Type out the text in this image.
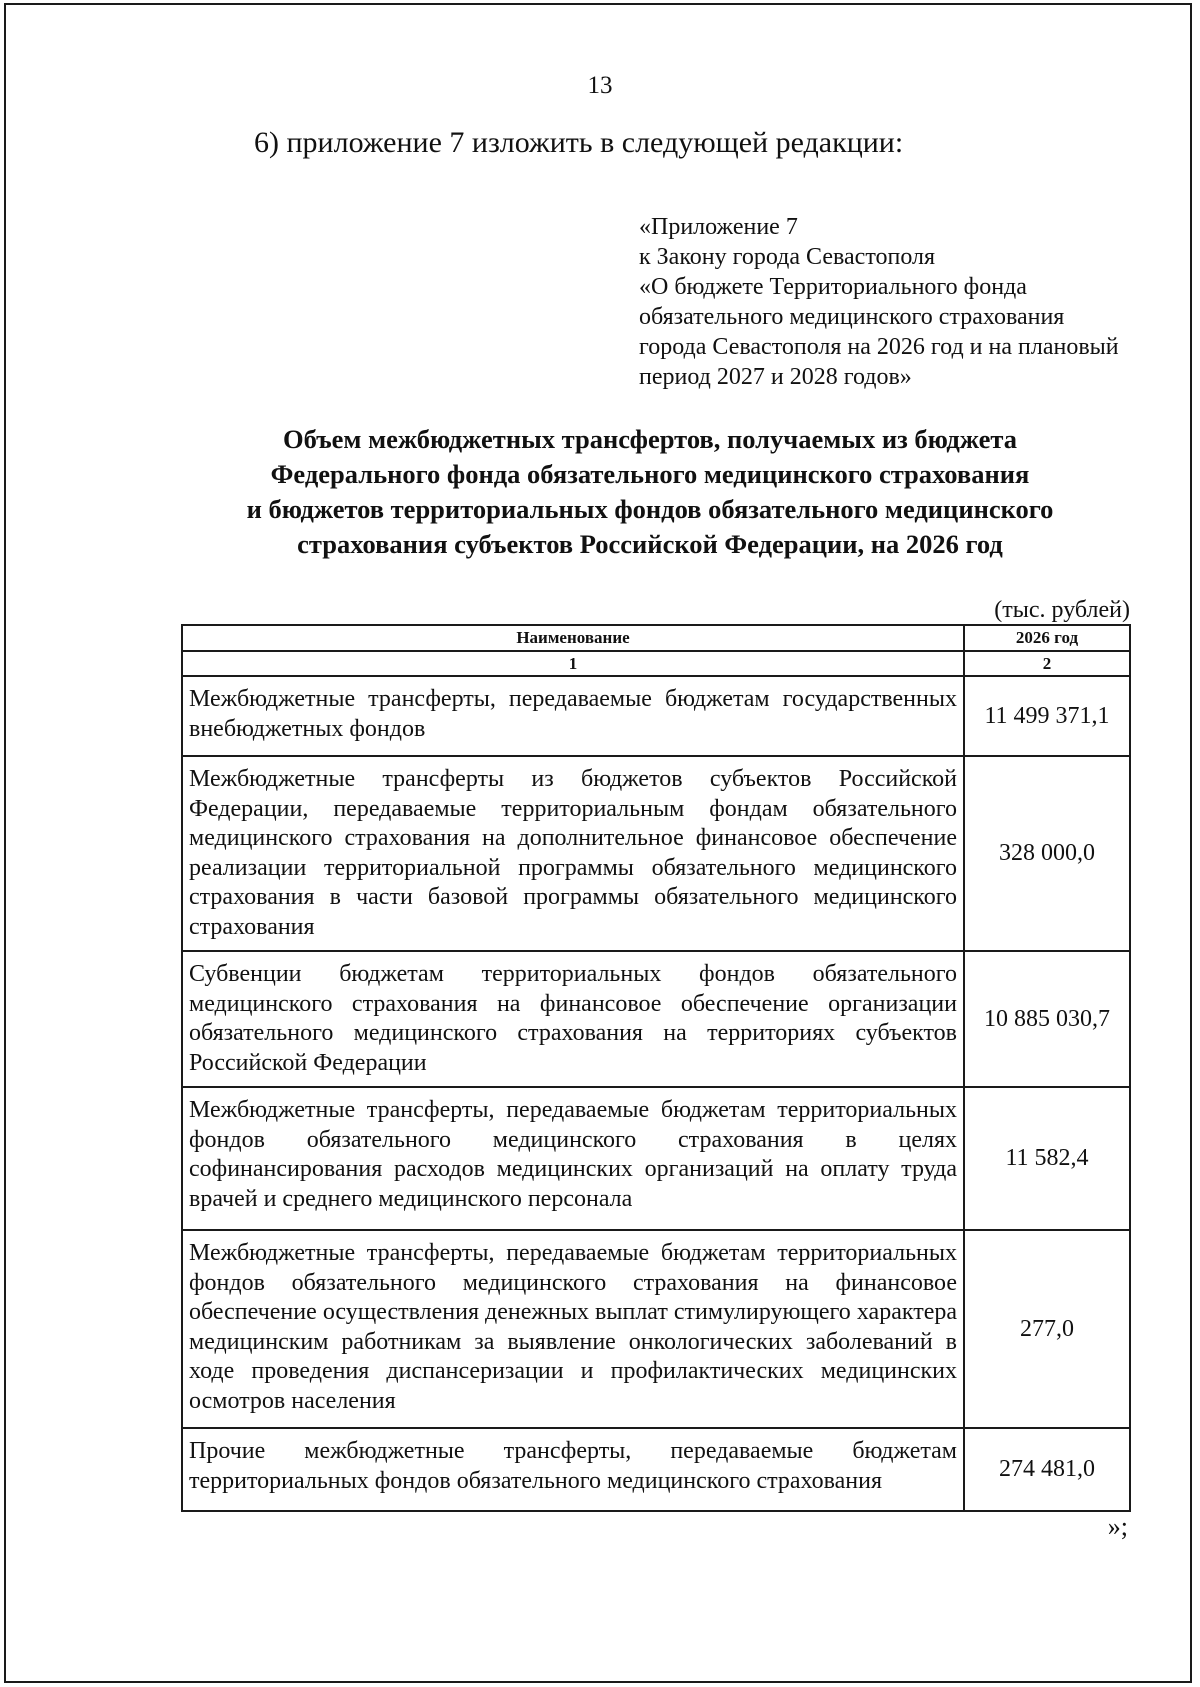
13
6) приложение 7 изложить в следующей редакции:
«Приложение 7
к Закону города Севастополя
«О бюджете Территориального фонда
обязательного медицинского страхования
города Севастополя на 2026 год и на плановый
период 2027 и 2028 годов»
Объем межбюджетных трансфертов, получаемых из бюджета
Федерального фонда обязательного медицинского страхования
и бюджетов территориальных фондов обязательного медицинского
страхования субъектов Российской Федерации, на 2026 год
(тыс. рублей)
Наименование	2026 год
1	2
Межбюджетные трансферты, передаваемые бюджетам государственных внебюджетных фондов	11 499 371,1
Межбюджетные трансферты из бюджетов субъектов Российской Федерации, передаваемые территориальным фондам обязательного медицинского страхования на дополнительное финансовое обеспечение реализации территориальной программы обязательного медицинского страхования в части базовой программы обязательного медицинского страхования	328 000,0
Субвенции бюджетам территориальных фондов обязательного медицинского страхования на финансовое обеспечение организации обязательного медицинского страхования на территориях субъектов Российской Федерации	10 885 030,7
Межбюджетные трансферты, передаваемые бюджетам территориальных фондов обязательного медицинского страхования в целях софинансирования расходов медицинских организаций на оплату труда врачей и среднего медицинского персонала	11 582,4
Межбюджетные трансферты, передаваемые бюджетам территориальных фондов обязательного медицинского страхования на финансовое обеспечение осуществления денежных выплат стимулирующего характера медицинским работникам за выявление онкологических заболеваний в ходе проведения диспансеризации и профилактических медицинских осмотров населения	277,0
Прочие межбюджетные трансферты, передаваемые бюджетам территориальных фондов обязательного медицинского страхования	274 481,0
»;
